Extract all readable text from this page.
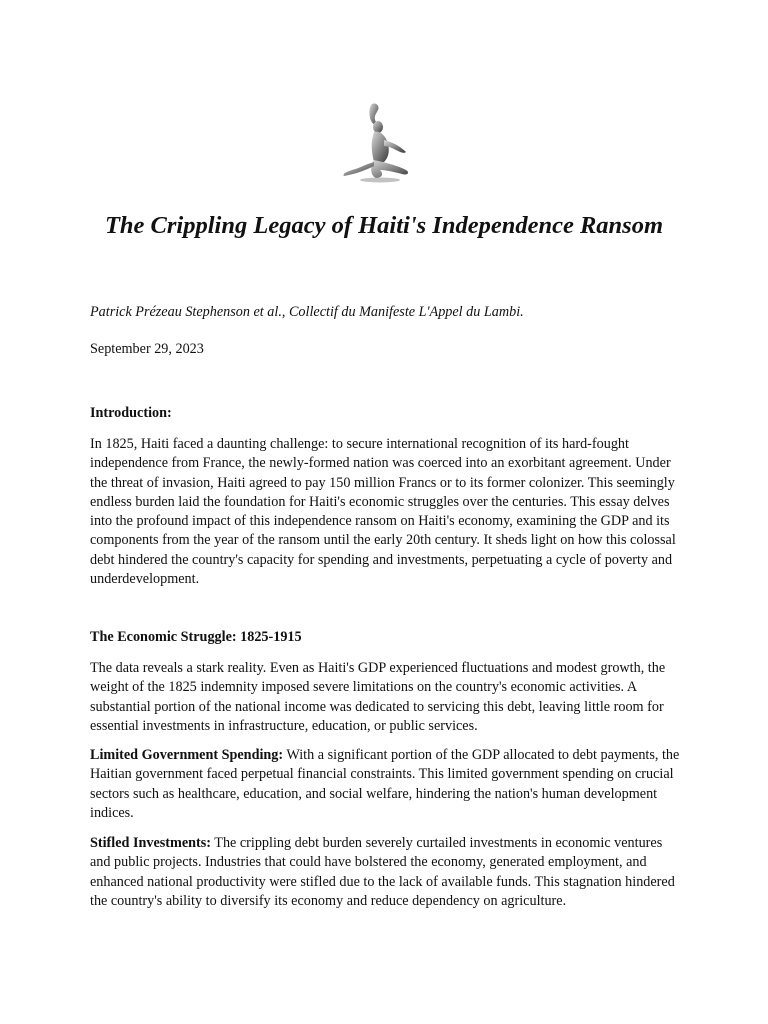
The Crippling Legacy of Haiti's Independence Ransom

Patrick Prézeau Stephenson et al., Collectif du Manifeste L'Appel du Lambi.

September 29, 2023

Introduction:

In 1825, Haiti faced a daunting challenge: to secure international recognition of its hard-fought independence from France, the newly-formed nation was coerced into an exorbitant agreement. Under the threat of invasion, Haiti agreed to pay 150 million Francs or to its former colonizer. This seemingly endless burden laid the foundation for Haiti's economic struggles over the centuries. This essay delves into the profound impact of this independence ransom on Haiti's economy, examining the GDP and its components from the year of the ransom until the early 20th century. It sheds light on how this colossal debt hindered the country's capacity for spending and investments, perpetuating a cycle of poverty and underdevelopment.

The Economic Struggle: 1825-1915

The data reveals a stark reality. Even as Haiti's GDP experienced fluctuations and modest growth, the weight of the 1825 indemnity imposed severe limitations on the country's economic activities. A substantial portion of the national income was dedicated to servicing this debt, leaving little room for essential investments in infrastructure, education, or public services.

Limited Government Spending: With a significant portion of the GDP allocated to debt payments, the Haitian government faced perpetual financial constraints. This limited government spending on crucial sectors such as healthcare, education, and social welfare, hindering the nation's human development indices.

Stifled Investments: The crippling debt burden severely curtailed investments in economic ventures and public projects. Industries that could have bolstered the economy, generated employment, and enhanced national productivity were stifled due to the lack of available funds. This stagnation hindered the country's ability to diversify its economy and reduce dependency on agriculture.
